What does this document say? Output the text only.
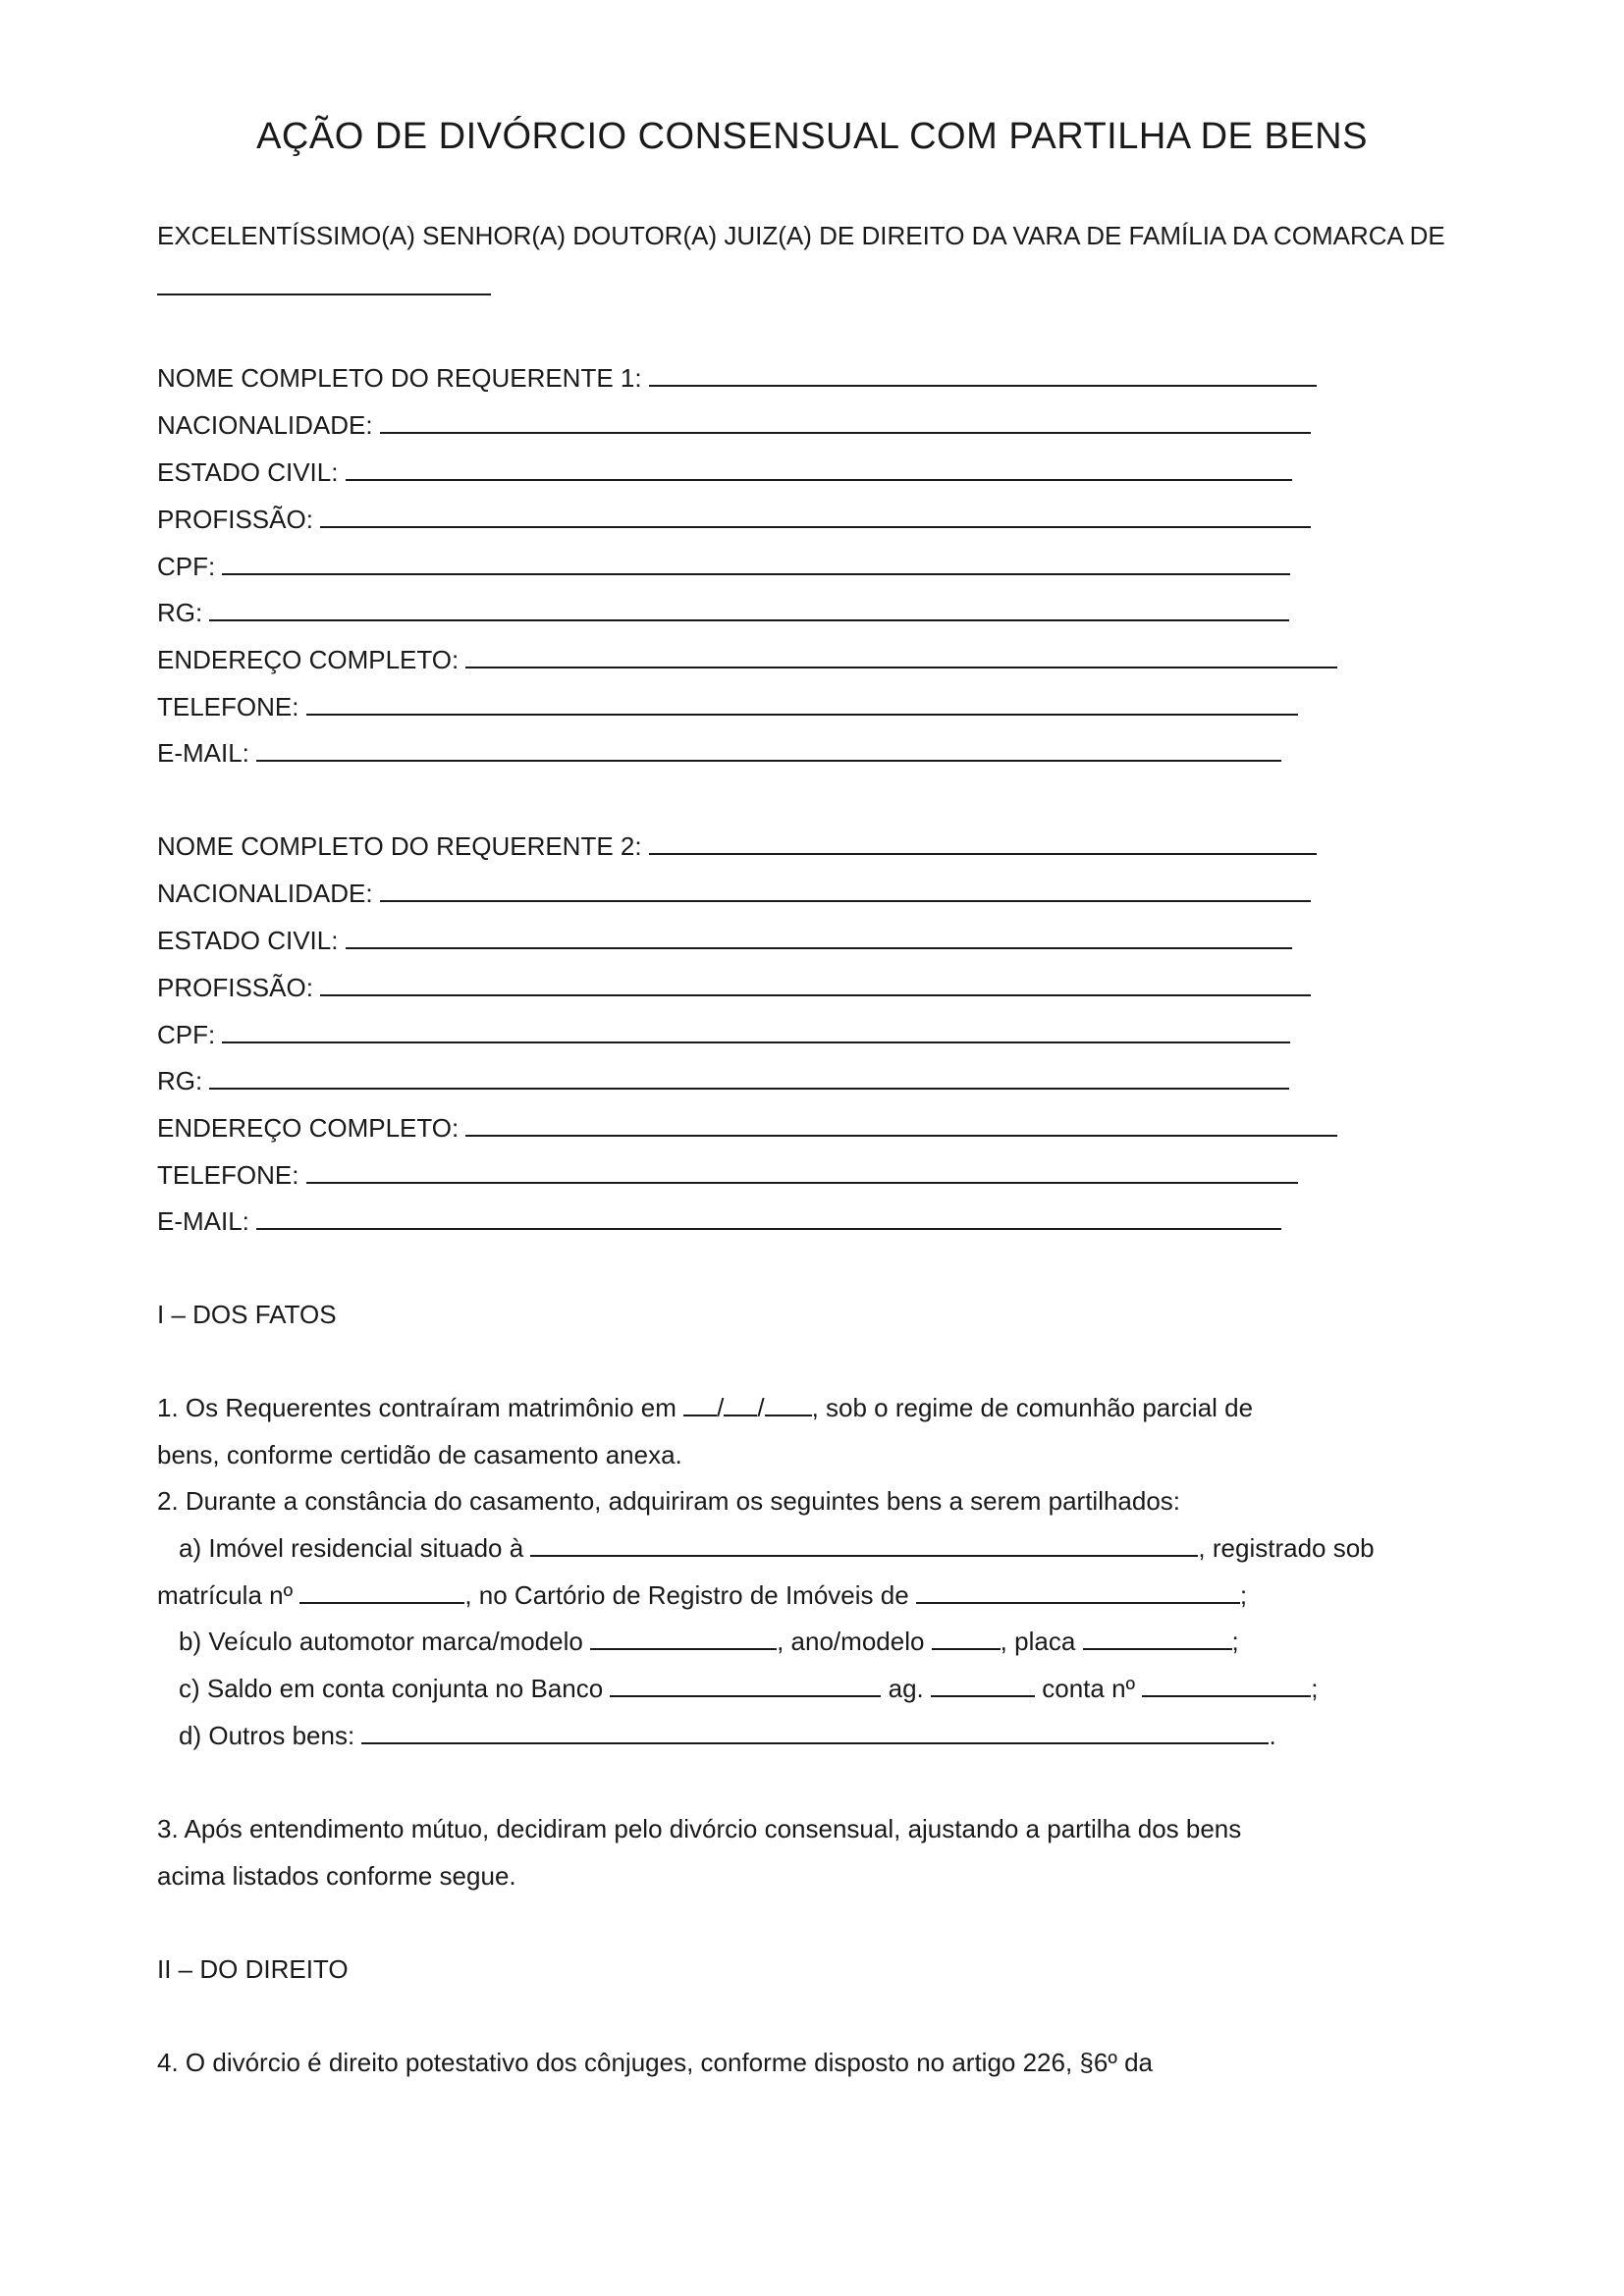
AÇÃO DE DIVÓRCIO CONSENSUAL COM PARTILHA DE BENS

EXCELENTÍSSIMO(A) SENHOR(A) DOUTOR(A) JUIZ(A) DE DIREITO DA VARA DE FAMÍLIA DA COMARCA DE

NOME COMPLETO DO REQUERENTE 1:

NACIONALIDADE:

ESTADO CIVIL:

PROFISSÃO:

CPF:

RG:

ENDEREÇO COMPLETO:

TELEFONE:

E-MAIL:

NOME COMPLETO DO REQUERENTE 2:

NACIONALIDADE:

ESTADO CIVIL:

PROFISSÃO:

CPF:

RG:

ENDEREÇO COMPLETO:

TELEFONE:

E-MAIL:

I – DOS FATOS

1. Os Requerentes contraíram matrimônio em / / , sob o regime de comunhão parcial de

bens, conforme certidão de casamento anexa.

2. Durante a constância do casamento, adquiriram os seguintes bens a serem partilhados:

a) Imóvel residencial situado à	, registrado sob

matrícula nº	, no Cartório de Registro de Imóveis de	;

b) Veículo automotor marca/modelo	, ano/modelo	, placa	;

c) Saldo em conta conjunta no Banco	ag.	conta nº	;

d) Outros bens:	.

3. Após entendimento mútuo, decidiram pelo divórcio consensual, ajustando a partilha dos bens

acima listados conforme segue.

II – DO DIREITO

4. O divórcio é direito potestativo dos cônjuges, conforme disposto no artigo 226, §6º da
